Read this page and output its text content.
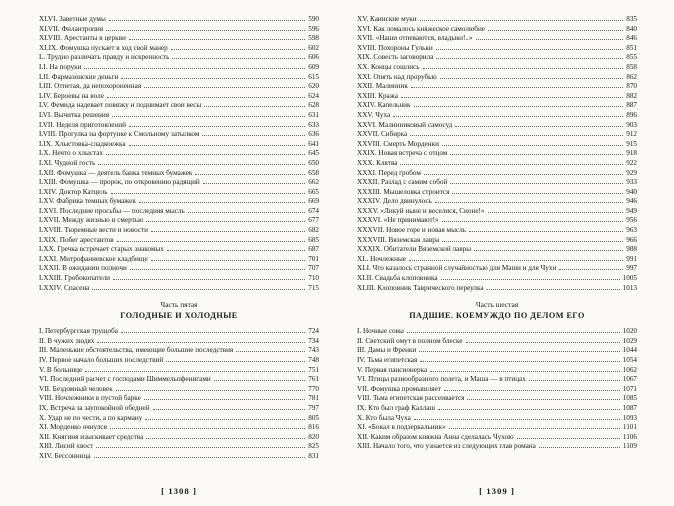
XLVI. Заветные думы	590
XLVII. Филантропия	596
XLVIII. Арестанты в церкви	598
XLIX. Фомушка пускает в ход свой манер	602
L. Трудно различать правду и искренность	606
LI. На поруки	609
LII. Фармазонские деньги	615
LIII. Отпетая, да непохороненная	620
LIV. Бероевы на воле	624
LV. Фемида надевает повязку и поднимает свои весы	628
LVI. Вычитка решения	631
LVII. Неделя приготовлений	633
LVIII. Прогулка на фортунке к Смольному затылком	636
LIX. Хлыстовка-сладкоежка	641
LX. Нечто о хлыстах	645
LXI. Чудной гость	650
LXII. Фомушка — деятель банка темных бумажек	658
LXIII. Фомушка — пророк, по откровению радящий	662
LXIV. Доктор Катцель	665
LXV. Фабрика темных бумажек	669
LXVI. Последние просьбы — последняя мысль	674
LXVII. Между жизнью и смертью	677
LXVIII. Тюремные вести и новости	682
LXIX. Побег арестантов	685
LXX. Гречка встречает старых знакомых	687
LXXI. Митрофаниевское кладбище	701
LXXII. В ожидании полночи	707
LXXIII. Гробокопатели	710
LXXIV. Спасена	715
Часть пятая
ГОЛОДНЫЕ И ХОЛОДНЫЕ
I. Петербургская трущоба	724
II. В чужих людях	734
III. Маленькие обстоятельства, имеющие большие последствия	743
IV. Первое начало больших последствий	748
V. В больнице	751
VI. Последний расчет с господами Шиммельпфенигами	761
VII. Бездомный человек	770
VIII. Ночлежники в пустой барке	781
IX. Встреча за заупокойной обедней	797
X. Удар не по чести, а по карману	805
XI. Морденко очнулся	816
XII. Княгиня изыскивает средства	820
XIII. Лисий хвост	825
XIV. Бессонница	831
[ 1308 ]
XV. Каинские муки	835
XVI. Как ломалось княжеское самолюбие	840
XVII. «Наши отпеваются, владыко!..»	846
XVIII. Похороны Гульки	851
XIX. Совесть заговорила	855
XX. Концы сошлись	858
XXI. Опять над прорубью	862
XXII. Малинник	870
XXIII. Кража	882
XXIV. Капельник	887
XXV. Чуха	896
XXVI. Малинниковый самосуд	903
XXVII. Сибирка	912
XXVIII. Смерть Морденки	915
XXIX. Новая встреча с отцом	918
XXX. Клятва	922
XXXI. Перед гробом	929
XXXII. Разлад с самим собой	933
XXXIII. Мышеловка строится	940
XXXIV. Дело двинулось	946
XXXV. «Ликуй ныне и веселися, Сионе!»	949
XXXVI. «Не принимают!»	956
XXXVII. Новое горе и новая мысль	963
XXXVIII. Вяземская лавра	966
XXXIX. Обитатели Вяземской лавры	988
XL. Ночлежные	991
XLI. Что казалось странной случайностью для Маши и для Чухи	997
XLII. Свадьба клоповника	1005
XLIII. Клоповник Таврического переулка	1013
Часть шестая
ПАДШИЕ. КОЕМУЖДО ПО ДЕЛОМ ЕГО
I. Ночные совы	1020
II. Светский омут в полном блеске	1029
III. Дамы и Френки	1044
IV. Тьма египетская	1054
V. Первая пансионерка	1062
VI. Птицы разнообразного полета, и Маша — в птицах	1067
VII. Фомушка промышляет	1071
VIII. Тьма египетская рассеивается	1085
IX. Кто был граф Каллаш	1087
X. Кто была Чуха	1093
XI. «Бокал в подзеркальник»	1101
XII. Каким образом княжна Анна сделалась Чухою	1106
XIII. Начало того, что узнается из следующих глав романа	1109
[ 1309 ]
